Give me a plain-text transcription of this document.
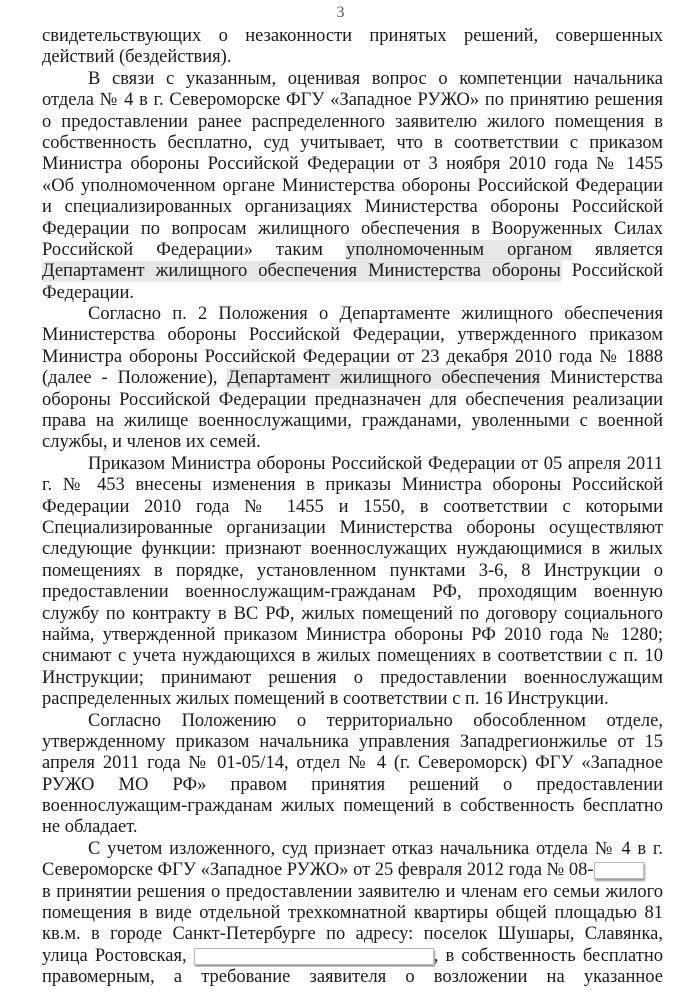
3
свидетельствующих о незаконности принятых решений, совершенных
действий (бездействия).
В связи с указанным, оценивая вопрос о компетенции начальника
отдела № 4 в г. Североморске ФГУ «Западное РУЖО» по принятию решения
о предоставлении ранее распределенного заявителю жилого помещения в
собственность бесплатно, суд учитывает, что в соответствии с приказом
Министра обороны Российской Федерации от 3 ноября 2010 года № 1455
«Об уполномоченном органе Министерства обороны Российской Федерации
и специализированных организациях Министерства обороны Российской
Федерации по вопросам жилищного обеспечения в Вооруженных Силах
Российской Федерации» таким уполномоченным органом является
Департамент жилищного обеспечения Министерства обороны Российской
Федерации.
Согласно п. 2 Положения о Департаменте жилищного обеспечения
Министерства обороны Российской Федерации, утвержденного приказом
Министра обороны Российской Федерации от 23 декабря 2010 года № 1888
(далее - Положение), Департамент жилищного обеспечения Министерства
обороны Российской Федерации предназначен для обеспечения реализации
права на жилище военнослужащими, гражданами, уволенными с военной
службы, и членов их семей.
Приказом Министра обороны Российской Федерации от 05 апреля 2011
г. № 453 внесены изменения в приказы Министра обороны Российской
Федерации 2010 года № 1455 и 1550, в соответствии с которыми
Специализированные организации Министерства обороны осуществляют
следующие функции: признают военнослужащих нуждающимися в жилых
помещениях в порядке, установленном пунктами 3-6, 8 Инструкции о
предоставлении военнослужащим-гражданам РФ, проходящим военную
службу по контракту в ВС РФ, жилых помещений по договору социального
найма, утвержденной приказом Министра обороны РФ 2010 года № 1280;
снимают с учета нуждающихся в жилых помещениях в соответствии с п. 10
Инструкции; принимают решения о предоставлении военнослужащим
распределенных жилых помещений в соответствии с п. 16 Инструкции.
Согласно Положению о территориально обособленном отделе,
утвержденному приказом начальника управления Западрегионжилье от 15
апреля 2011 года № 01-05/14, отдел № 4 (г. Североморск) ФГУ «Западное
РУЖО МО РФ» правом принятия решений о предоставлении
военнослужащим-гражданам жилых помещений в собственность бесплатно
не обладает.
С учетом изложенного, суд признает отказ начальника отдела № 4 в г.
Североморске ФГУ «Западное РУЖО» от 25 февраля 2012 года № 08-
в принятии решения о предоставлении заявителю и членам его семьи жилого
помещения в виде отдельной трехкомнатной квартиры общей площадью 81
кв.м. в городе Санкт-Петербурге по адресу: поселок Шушары, Славянка,
улица Ростовская,	, в собственность бесплатно
правомерным, а требование заявителя о возложении на указанное
